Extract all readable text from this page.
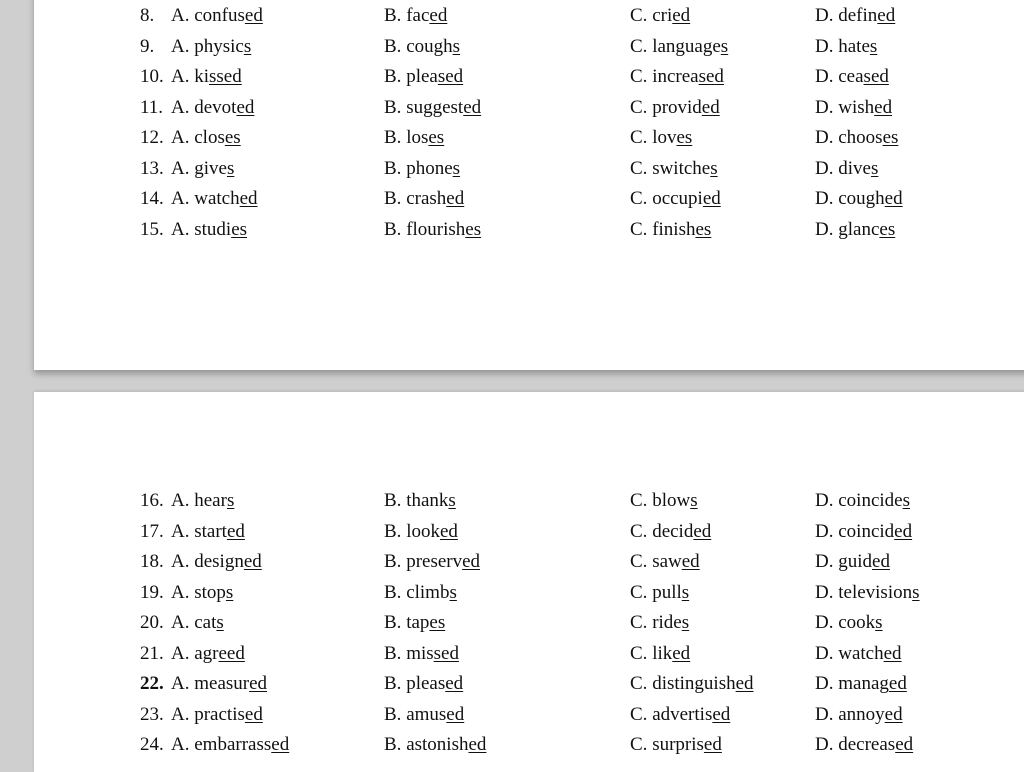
8. A. confused	B. faced	C. cried	D. defined
9. A. physics	B. coughs	C. languages	D. hates
10. A. kissed	B. pleased	C. increased	D. ceased
11. A. devoted	B. suggested	C. provided	D. wished
12. A. closes	B. loses	C. loves	D. chooses
13. A. gives	B. phones	C. switches	D. dives
14. A. watched	B. crashed	C. occupied	D. coughed
15. A. studies	B. flourishes	C. finishes	D. glances
16. A. hears	B. thanks	C. blows	D. coincides
17. A. started	B. looked	C. decided	D. coincided
18. A. designed	B. preserved	C. sawed	D. guided
19. A. stops	B. climbs	C. pulls	D. televisions
20. A. cats	B. tapes	C. rides	D. cooks
21. A. agreed	B. missed	C. liked	D. watched
22. A. measured	B. pleased	C. distinguished	D. managed
23. A. practised	B. amused	C. advertised	D. annoyed
24. A. embarrassed	B. astonished	C. surprised	D. decreased
